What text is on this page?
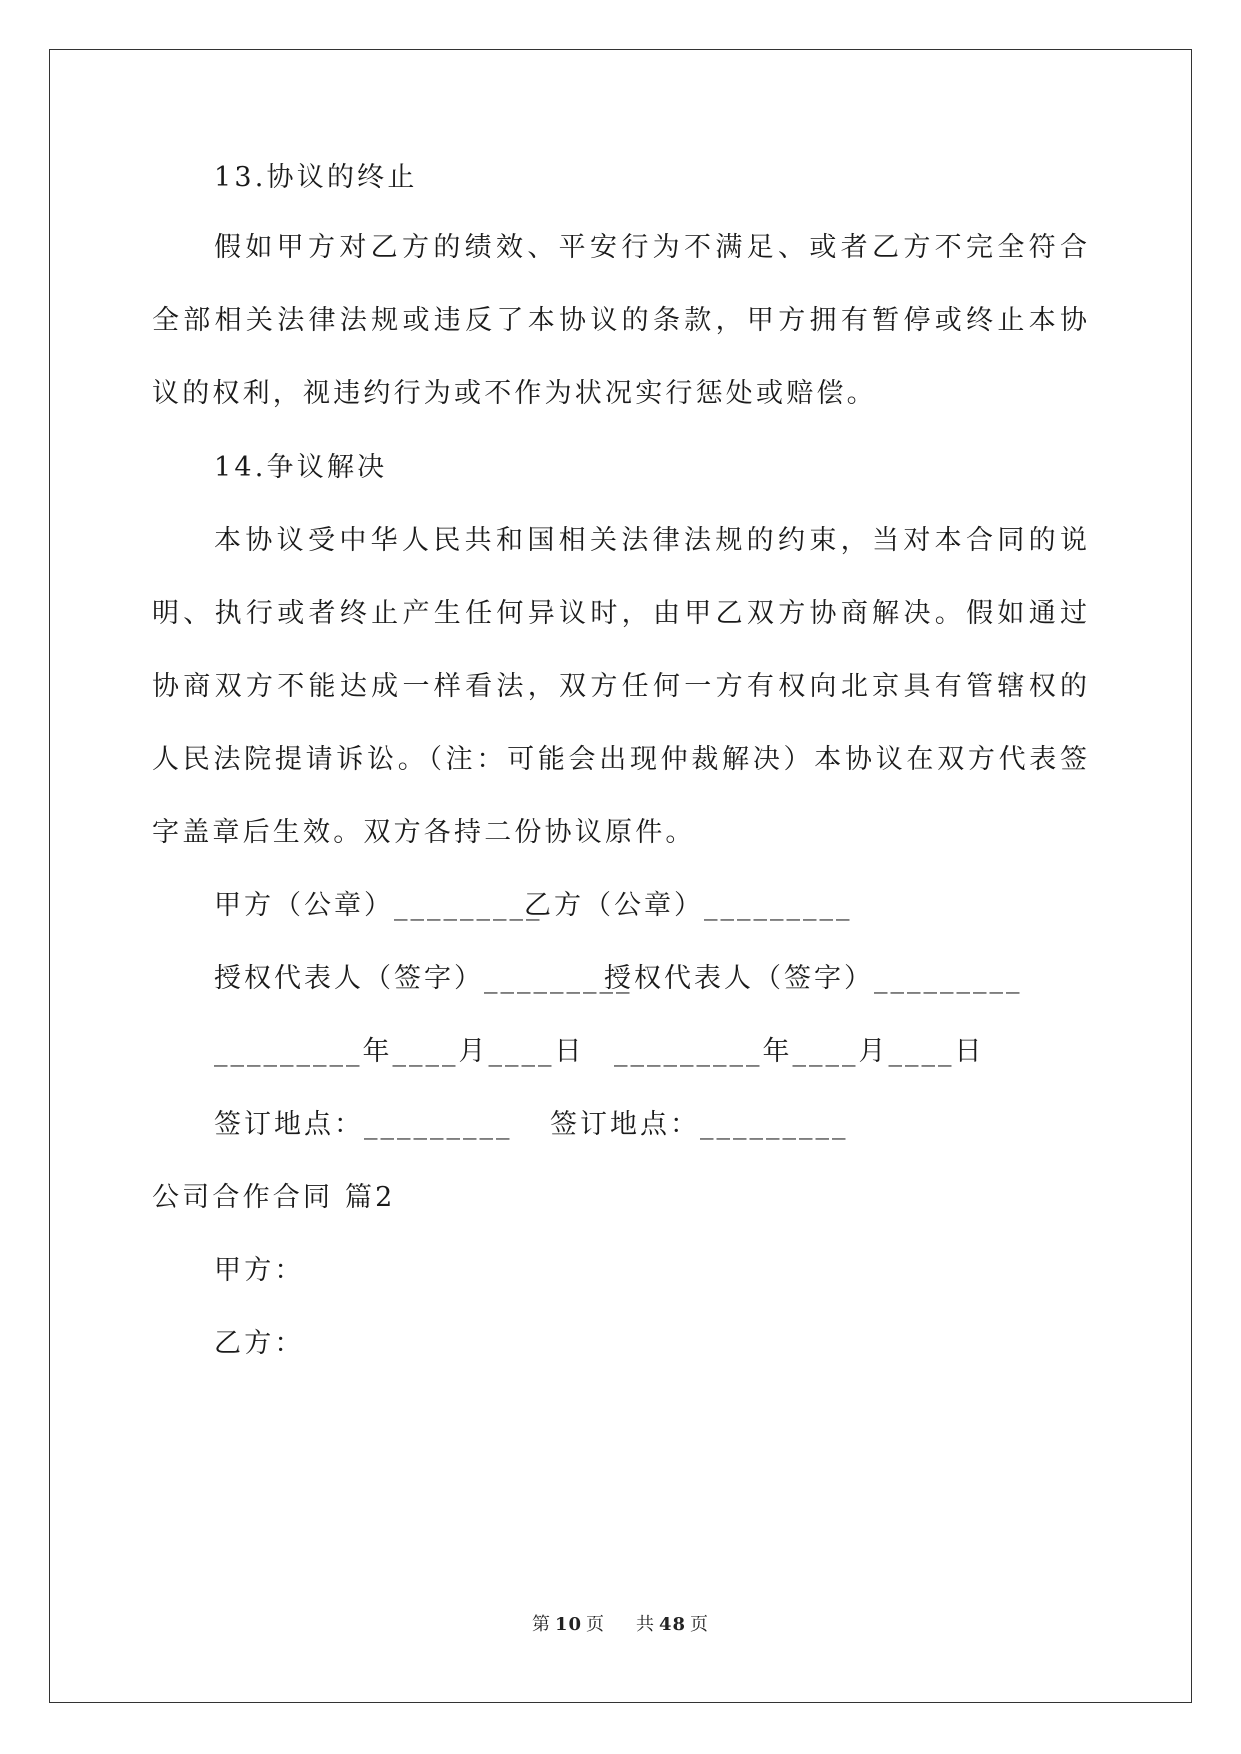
13.协议的终止
假如甲方对乙方的绩效、平安行为不满足、或者乙方不完全符合
全部相关法律法规或违反了本协议的条款，甲方拥有暂停或终止本协
议的权利，视违约行为或不作为状况实行惩处或赔偿。
14.争议解决
本协议受中华人民共和国相关法律法规的约束，当对本合同的说
明、执行或者终止产生任何异议时，由甲乙双方协商解决。假如通过
协商双方不能达成一样看法，双方任何一方有权向北京具有管辖权的
人民法院提请诉讼。（注：可能会出现仲裁解决）本协议在双方代表签
字盖章后生效。双方各持二份协议原件。
甲方（公章）_________
乙方（公章）_________
授权代表人（签字）_________
授权代表人（签字）_________
_________年____月____日 _________年____月____日
签订地点：_________ 签订地点：_________
公司合作合同 篇2
甲方：
乙方：
第 10 页 共 48 页
